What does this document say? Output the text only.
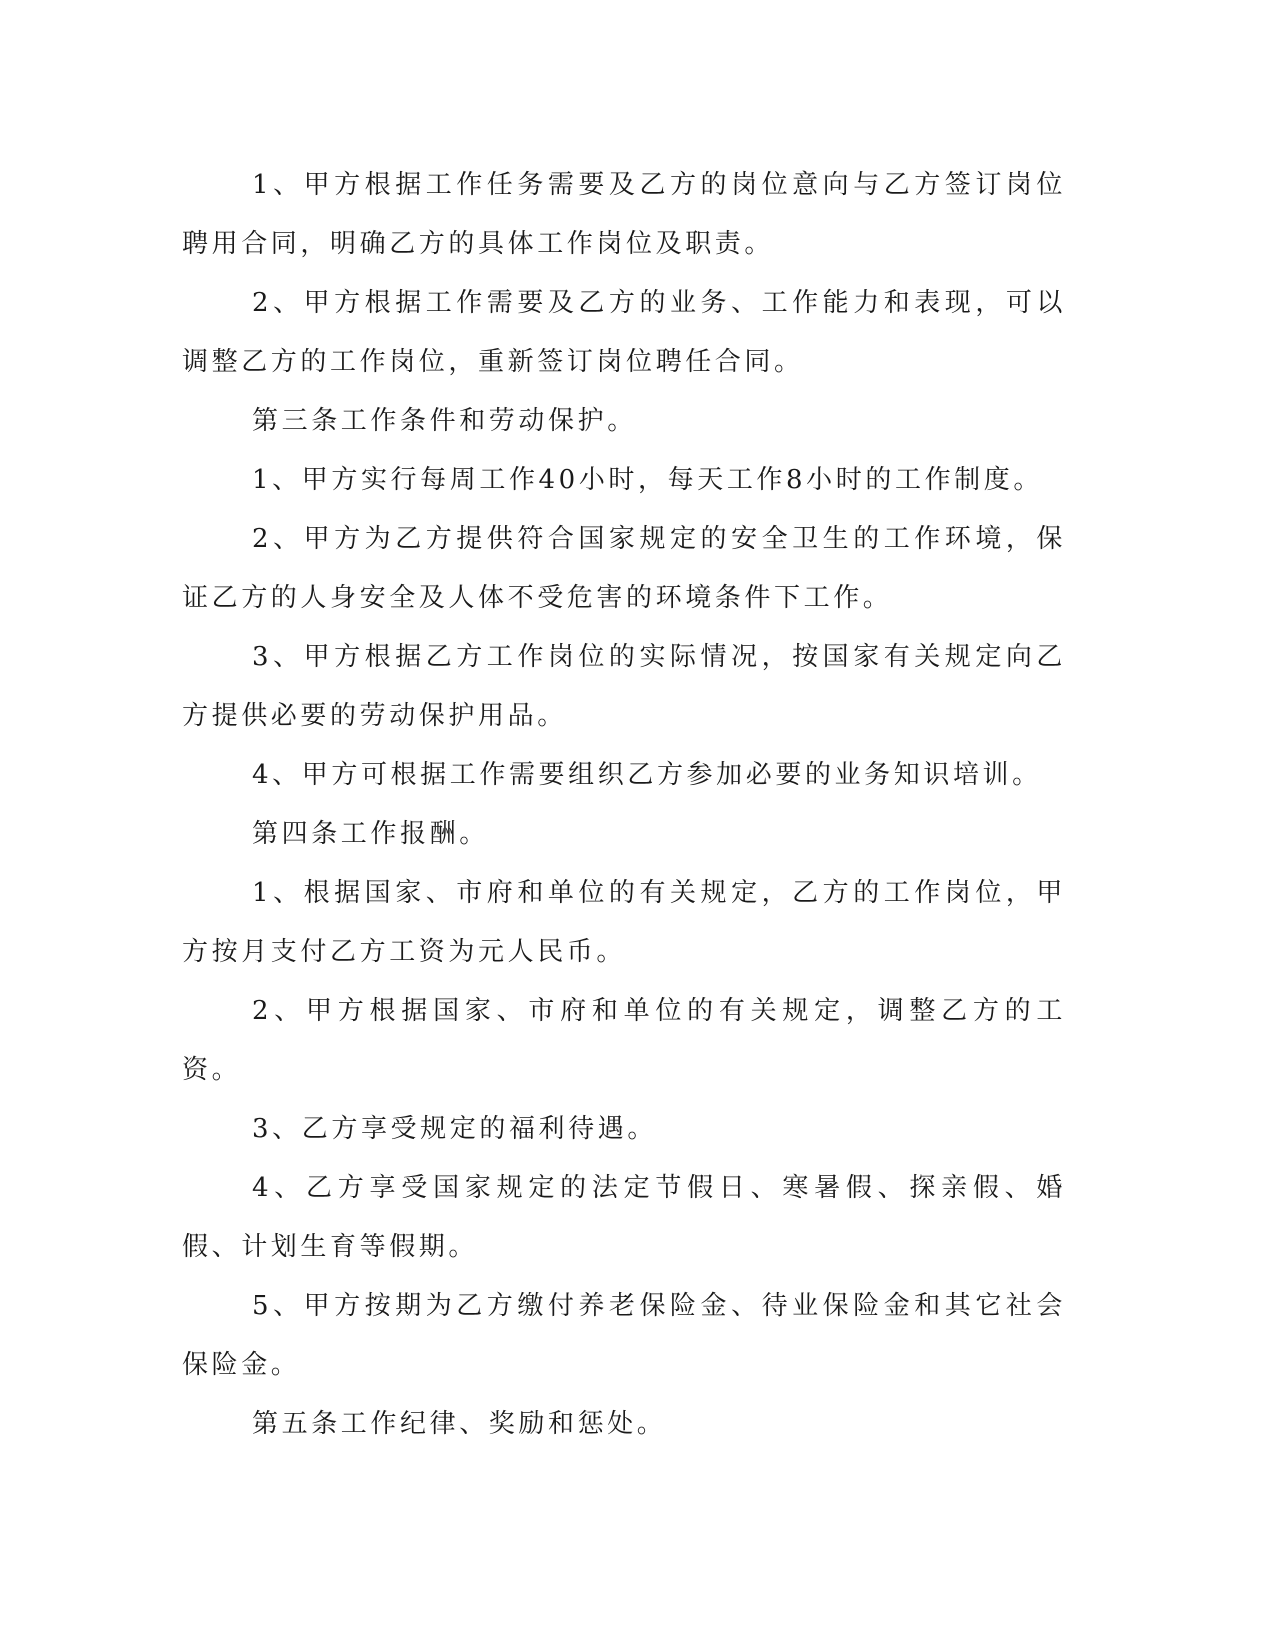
1、甲方根据工作任务需要及乙方的岗位意向与乙方签订岗位聘用合同，明确乙方的具体工作岗位及职责。

2、甲方根据工作需要及乙方的业务、工作能力和表现，可以调整乙方的工作岗位，重新签订岗位聘任合同。

第三条工作条件和劳动保护。

1、甲方实行每周工作40小时，每天工作8小时的工作制度。

2、甲方为乙方提供符合国家规定的安全卫生的工作环境，保证乙方的人身安全及人体不受危害的环境条件下工作。

3、甲方根据乙方工作岗位的实际情况，按国家有关规定向乙方提供必要的劳动保护用品。

4、甲方可根据工作需要组织乙方参加必要的业务知识培训。

第四条工作报酬。

1、根据国家、市府和单位的有关规定，乙方的工作岗位，甲方按月支付乙方工资为元人民币。

2、甲方根据国家、市府和单位的有关规定，调整乙方的工资。

3、乙方享受规定的福利待遇。

4、乙方享受国家规定的法定节假日、寒暑假、探亲假、婚假、计划生育等假期。

5、甲方按期为乙方缴付养老保险金、待业保险金和其它社会保险金。

第五条工作纪律、奖励和惩处。
